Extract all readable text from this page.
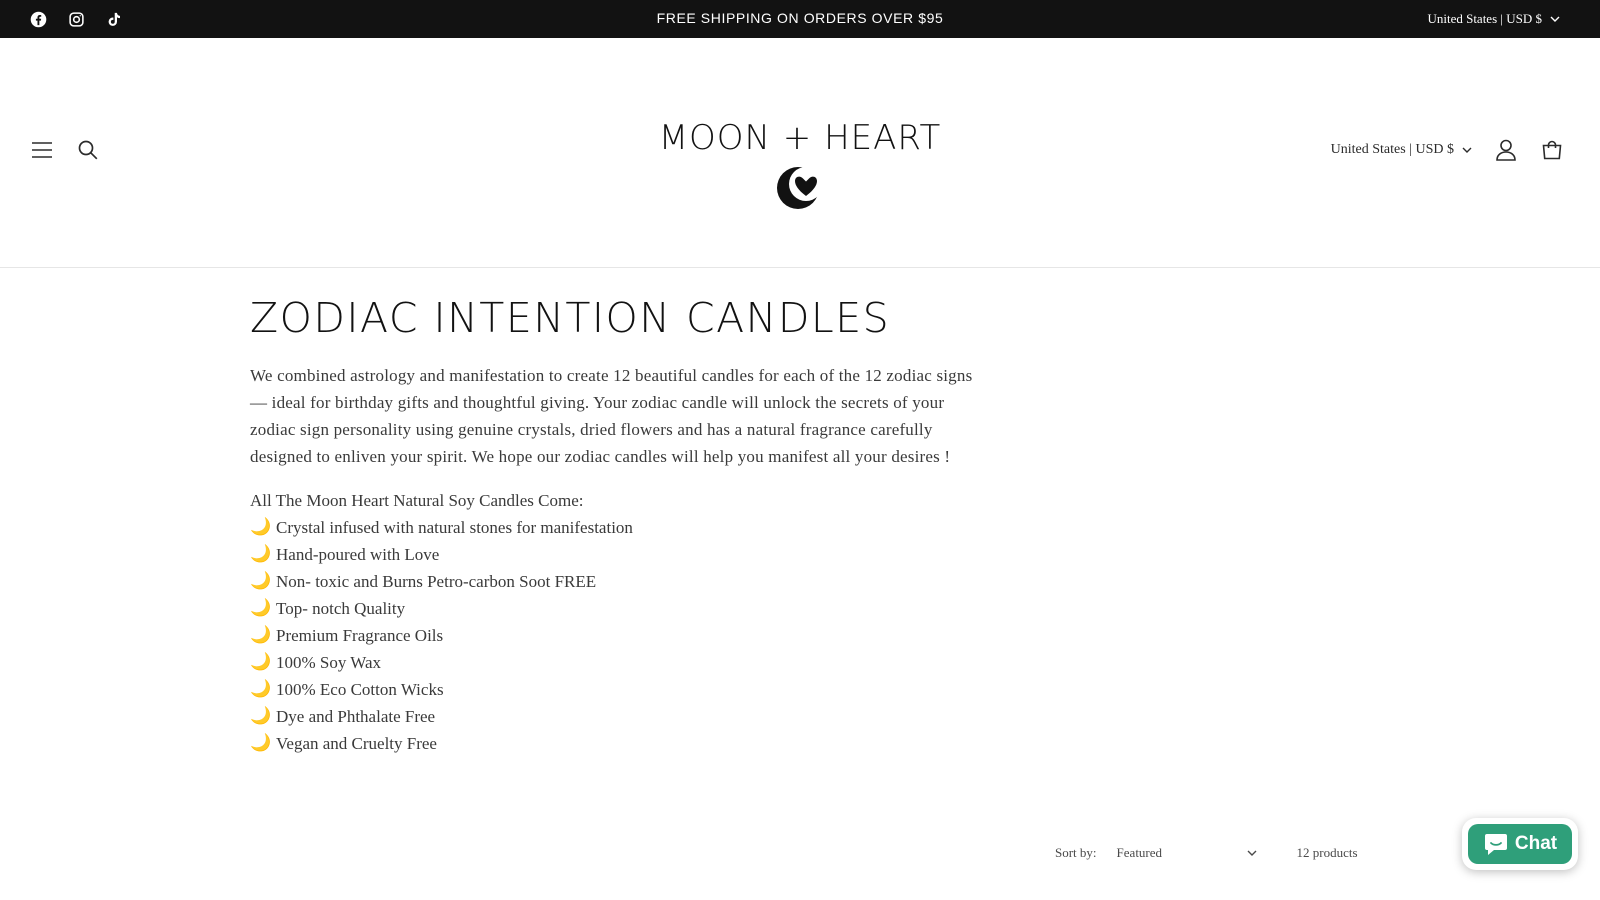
FREE SHIPPING ON ORDERS OVER $95	United States | USD $
MOON + HEART	United States | USD $
ZODIAC INTENTION CANDLES

We combined astrology and manifestation to create 12 beautiful candles for each of the 12 zodiac signs — ideal for birthday gifts and thoughtful giving. Your zodiac candle will unlock the secrets of your zodiac sign personality using genuine crystals, dried flowers and has a natural fragrance carefully designed to enliven your spirit. We hope our zodiac candles will help you manifest all your desires !

All The Moon Heart Natural Soy Candles Come:

🌙 Crystal infused with natural stones for manifestation
🌙 Hand-poured with Love
🌙 Non- toxic and Burns Petro-carbon Soot FREE
🌙 Top- notch Quality
🌙 Premium Fragrance Oils
🌙 100% Soy Wax
🌙 100% Eco Cotton Wicks
🌙 Dye and Phthalate Free
🌙 Vegan and Cruelty Free
Sort by: Featured	12 products	Chat
